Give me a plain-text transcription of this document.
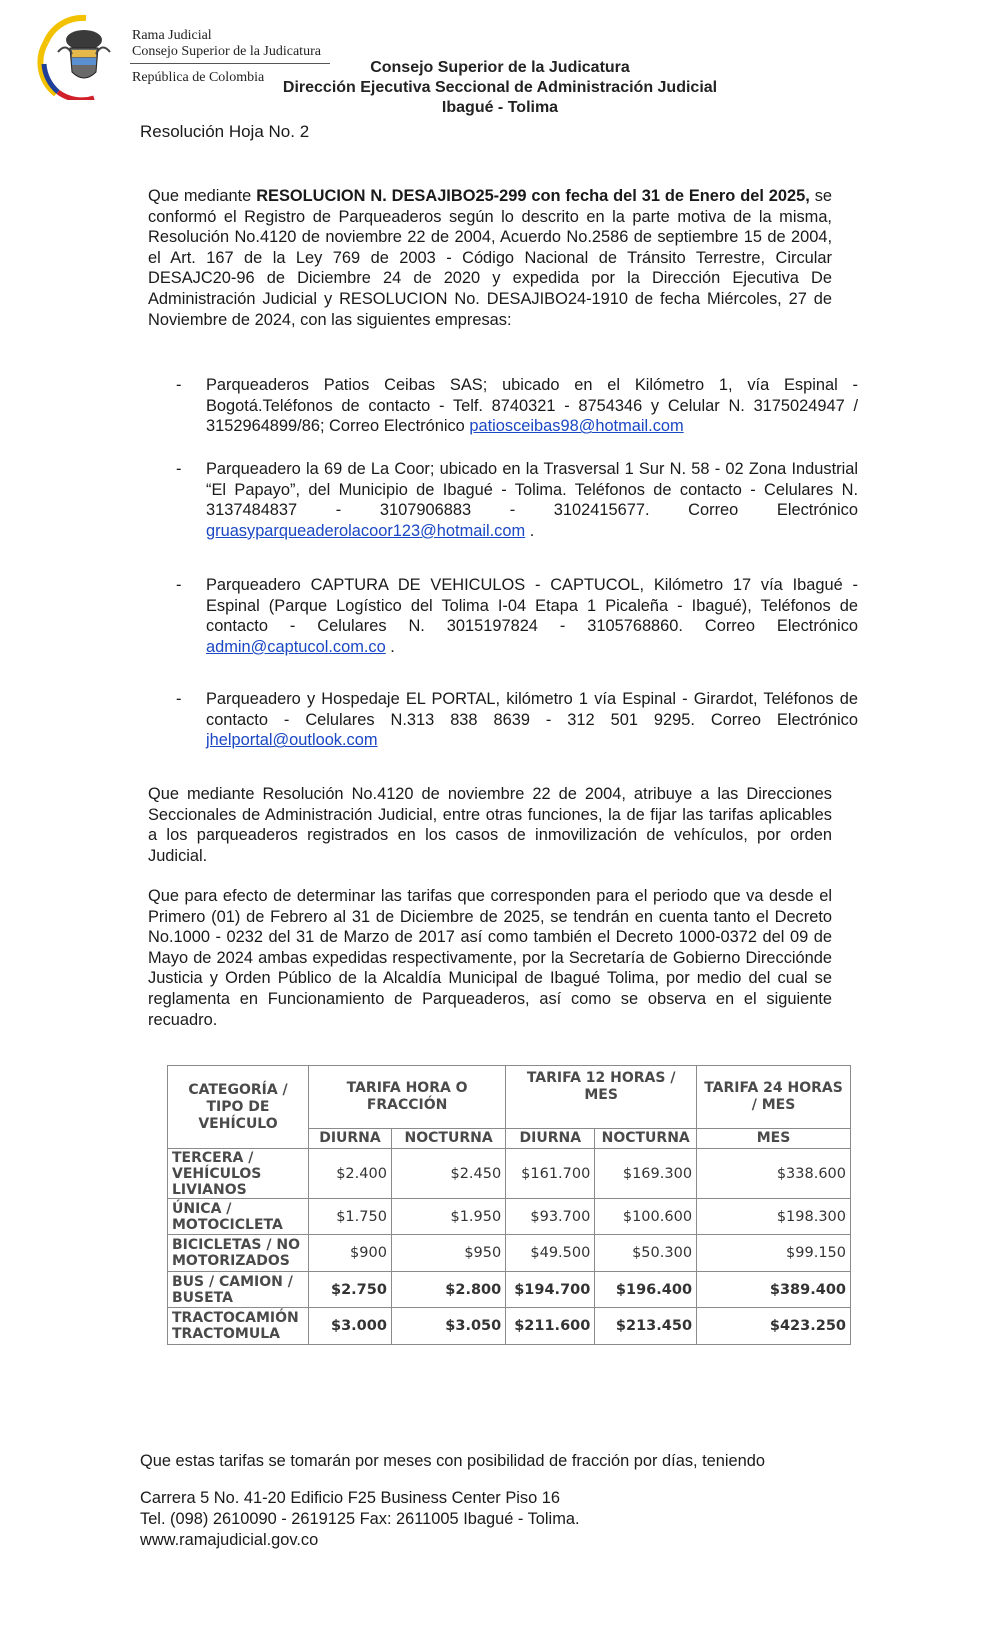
Rama Judicial
Consejo Superior de la Judicatura
República de Colombia
Consejo Superior de la Judicatura
Dirección Ejecutiva Seccional de Administración Judicial
Ibagué - Tolima
Resolución Hoja No. 2
Que mediante RESOLUCION N. DESAJIBO25-299 con fecha del 31 de Enero del 2025, se conformó el Registro de Parqueaderos según lo descrito en la parte motiva de la misma, Resolución No.4120 de noviembre 22 de 2004, Acuerdo No.2586 de septiembre 15 de 2004, el Art. 167 de la Ley 769 de 2003 - Código Nacional de Tránsito Terrestre, Circular DESAJC20-96 de Diciembre 24 de 2020 y expedida por la Dirección Ejecutiva De Administración Judicial y RESOLUCION No. DESAJIBO24-1910 de fecha Miércoles, 27 de Noviembre de 2024, con las siguientes empresas:
- Parqueaderos Patios Ceibas SAS; ubicado en el Kilómetro 1, vía Espinal - Bogotá.Teléfonos de contacto - Telf. 8740321 - 8754346 y Celular N. 3175024947 / 3152964899/86; Correo Electrónico patiosceibas98@hotmail.com
- Parqueadero la 69 de La Coor; ubicado en la Trasversal 1 Sur N. 58 - 02 Zona Industrial “El Papayo”, del Municipio de Ibagué - Tolima. Teléfonos de contacto - Celulares N. 3137484837 - 3107906883 - 3102415677. Correo Electrónico gruasyparqueaderolacoor123@hotmail.com .
- Parqueadero CAPTURA DE VEHICULOS - CAPTUCOL, Kilómetro 17 vía Ibagué - Espinal (Parque Logístico del Tolima I-04 Etapa 1 Picaleña - Ibagué), Teléfonos de contacto - Celulares N. 3015197824 - 3105768860. Correo Electrónico admin@captucol.com.co .
- Parqueadero y Hospedaje EL PORTAL, kilómetro 1 vía Espinal - Girardot, Teléfonos de contacto - Celulares N.313 838 8639 - 312 501 9295. Correo Electrónico jhelportal@outlook.com
Que mediante Resolución No.4120 de noviembre 22 de 2004, atribuye a las Direcciones Seccionales de Administración Judicial, entre otras funciones, la de fijar las tarifas aplicables a los parqueaderos registrados en los casos de inmovilización de vehículos, por orden Judicial.
Que para efecto de determinar las tarifas que corresponden para el periodo que va desde el Primero (01) de Febrero al 31 de Diciembre de 2025, se tendrán en cuenta tanto el Decreto No.1000 - 0232 del 31 de Marzo de 2017 así como también el Decreto 1000-0372 del 09 de Mayo de 2024 ambas expedidas respectivamente, por la Secretaría de Gobierno Direccióndе Justicia y Orden Público de la Alcaldía Municipal de Ibagué Tolima, por medio del cual se reglamenta en Funcionamiento de Parqueaderos, así como se observa en el siguiente recuadro.
CATEGORÍA / TIPO DE VEHÍCULO	TARIFA HORA O FRACCIÓN		TARIFA 12 HORAS / MES		TARIFA 24 HORAS / MES
	DIURNA	NOCTURNA	DIURNA	NOCTURNA	MES
TERCERA / VEHÍCULOS LIVIANOS	$2.400	$2.450	$161.700	$169.300	$338.600
ÚNICA / MOTOCICLETA	$1.750	$1.950	$93.700	$100.600	$198.300
BICICLETAS / NO MOTORIZADOS	$900	$950	$49.500	$50.300	$99.150
BUS / CAMION / BUSETA	$2.750	$2.800	$194.700	$196.400	$389.400
TRACTOCAMIÓN TRACTOMULA	$3.000	$3.050	$211.600	$213.450	$423.250
Que estas tarifas se tomarán por meses con posibilidad de fracción por días, teniendo
Carrera 5 No. 41-20 Edificio F25 Business Center Piso 16
Tel. (098) 2610090 - 2619125 Fax: 2611005 Ibagué - Tolima.
www.ramajudicial.gov.co
